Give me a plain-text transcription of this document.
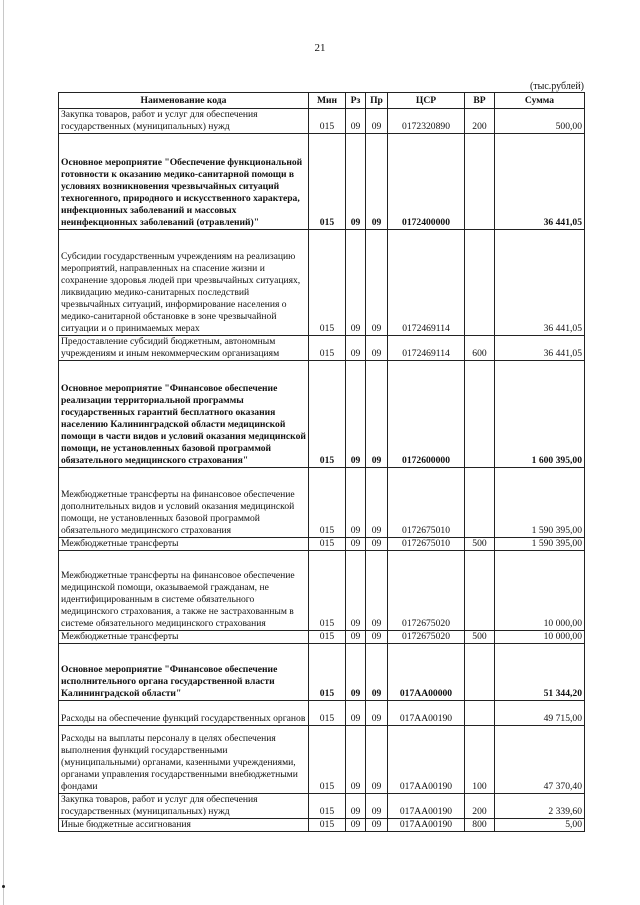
21
(тыс.рублей)
Наименование кода	Мин	Рз	Пр	ЦСР	ВР	Сумма
Закупка товаров, работ и услуг для обеспечения государственных (муниципальных) нужд	015	09	09	0172320890	200	500,00
Основное мероприятие "Обеспечение функциональной готовности к оказанию медико-санитарной помощи в условиях возникновения чрезвычайных ситуаций техногенного, природного и искусственного характера, инфекционных заболеваний и массовых неинфекционных заболеваний (отравлений)"	015	09	09	0172400000		36 441,05
Субсидии государственным учреждениям на реализацию мероприятий, направленных на спасение жизни и сохранение здоровья людей при чрезвычайных ситуациях, ликвидацию медико-санитарных последствий чрезвычайных ситуаций, информирование населения о медико-санитарной обстановке в зоне чрезвычайной ситуации и о принимаемых мерах	015	09	09	0172469114		36 441,05
Предоставление субсидий бюджетным, автономным учреждениям и иным некоммерческим организациям	015	09	09	0172469114	600	36 441,05
Основное мероприятие "Финансовое обеспечение реализации территориальной программы государственных гарантий бесплатного оказания населению Калининградской области медицинской помощи в части видов и условий оказания медицинской помощи, не установленных базовой программой обязательного медицинского страхования"	015	09	09	0172600000		1 600 395,00
Межбюджетные трансферты на финансовое обеспечение дополнительных видов и условий оказания медицинской помощи, не установленных базовой программой обязательного медицинского страхования	015	09	09	0172675010		1 590 395,00
Межбюджетные трансферты	015	09	09	0172675010	500	1 590 395,00
Межбюджетные трансферты на финансовое обеспечение медицинской помощи, оказываемой гражданам, не идентифицированным в системе обязательного медицинского страхования, а также не застрахованным в системе обязательного медицинского страхования	015	09	09	0172675020		10 000,00
Межбюджетные трансферты	015	09	09	0172675020	500	10 000,00
Основное мероприятие "Финансовое обеспечение исполнительного органа государственной власти Калининградской области"	015	09	09	017AA00000		51 344,20
Расходы на обеспечение функций государственных органов	015	09	09	017AA00190		49 715,00
Расходы на выплаты персоналу в целях обеспечения выполнения функций государственными (муниципальными) органами, казенными учреждениями, органами управления государственными внебюджетными фондами	015	09	09	017AA00190	100	47 370,40
Закупка товаров, работ и услуг для обеспечения государственных (муниципальных) нужд	015	09	09	017AA00190	200	2 339,60
Иные бюджетные ассигнования	015	09	09	017AA00190	800	5,00
